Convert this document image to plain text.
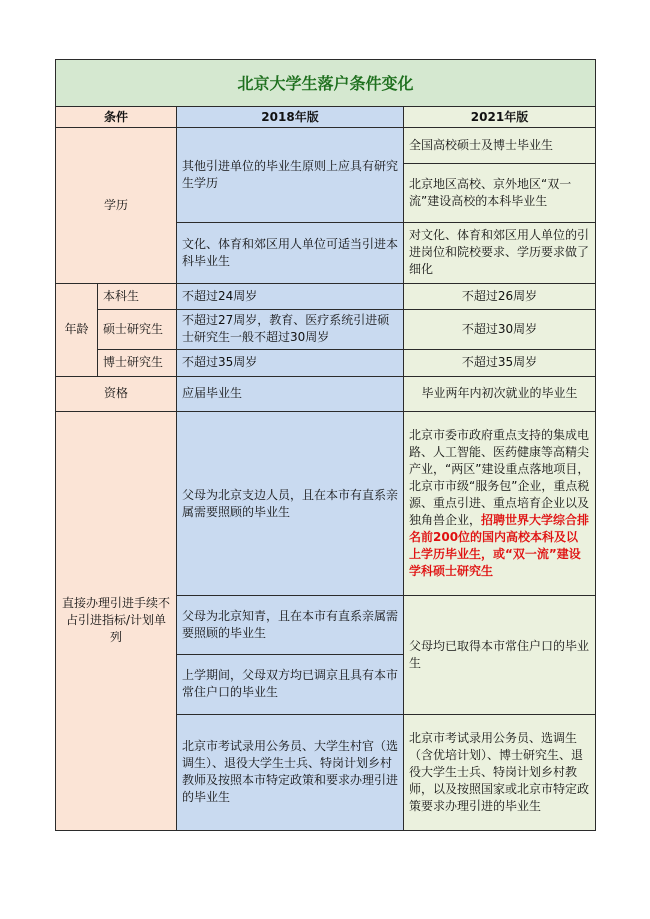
北京大学生落户条件变化			
条件		2018年版	2021年版
学历		其他引进单位的毕业生原则上应具有研究生学历	全国高校硕士及博士毕业生
			北京地区高校、京外地区“双一流”建设高校的本科毕业生
		文化、体育和郊区用人单位可适当引进本科毕业生	对文化、体育和郊区用人单位的引进岗位和院校要求、学历要求做了细化
年龄	本科生	不超过24周岁	不超过26周岁
	硕士研究生	不超过27周岁，教育、医疗系统引进硕士研究生一般不超过30周岁	不超过30周岁
	博士研究生	不超过35周岁	不超过35周岁
资格		应届毕业生	毕业两年内初次就业的毕业生
直接办理引进手续不占引进指标/计划单列		父母为北京支边人员，且在本市有直系亲属需要照顾的毕业生	北京市委市政府重点支持的集成电路、人工智能、医药健康等高精尖产业，“两区”建设重点落地项目，北京市市级“服务包”企业，重点税源、重点引进、重点培育企业以及独角兽企业，招聘世界大学综合排名前200位的国内高校本科及以上学历毕业生，或“双一流”建设学科硕士研究生
		父母为北京知青，且在本市有直系亲属需要照顾的毕业生	父母均已取得本市常住户口的毕业生
		上学期间，父母双方均已调京且具有本市常住户口的毕业生	
		北京市考试录用公务员、大学生村官（选调生）、退役大学生士兵、特岗计划乡村教师及按照本市特定政策和要求办理引进的毕业生	北京市考试录用公务员、选调生（含优培计划）、博士研究生、退役大学生士兵、特岗计划乡村教师，以及按照国家或北京市特定政策要求办理引进的毕业生
